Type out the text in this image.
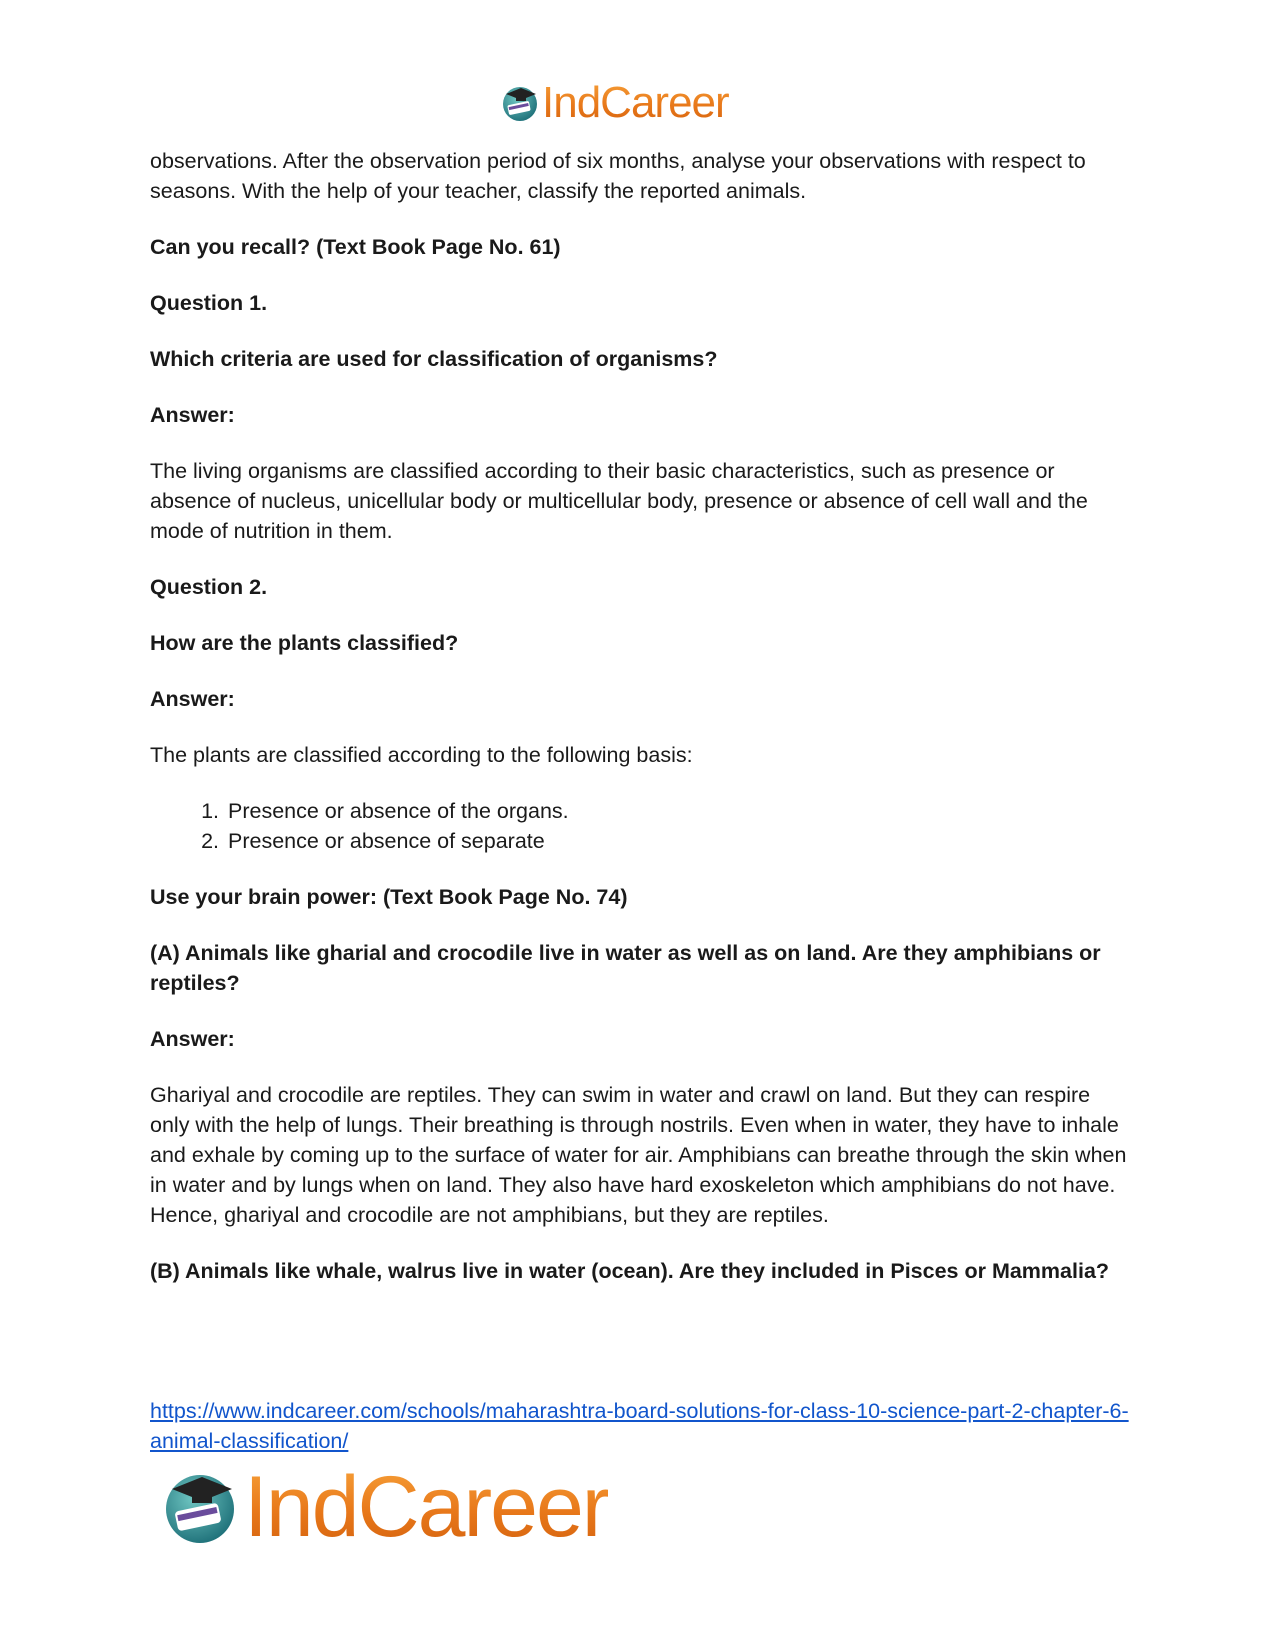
IndCareer

observations. After the observation period of six months, analyse your observations with respect to seasons. With the help of your teacher, classify the reported animals.

Can you recall? (Text Book Page No. 61)

Question 1.

Which criteria are used for classification of organisms?

Answer:

The living organisms are classified according to their basic characteristics, such as presence or absence of nucleus, unicellular body or multicellular body, presence or absence of cell wall and the mode of nutrition in them.

Question 2.

How are the plants classified?

Answer:

The plants are classified according to the following basis:

1. Presence or absence of the organs.
2. Presence or absence of separate

Use your brain power: (Text Book Page No. 74)

(A) Animals like gharial and crocodile live in water as well as on land. Are they amphibians or reptiles?

Answer:

Ghariyal and crocodile are reptiles. They can swim in water and crawl on land. But they can respire only with the help of lungs. Their breathing is through nostrils. Even when in water, they have to inhale and exhale by coming up to the surface of water for air. Amphibians can breathe through the skin when in water and by lungs when on land. They also have hard exoskeleton which amphibians do not have. Hence, ghariyal and crocodile are not amphibians, but they are reptiles.

(B) Animals like whale, walrus live in water (ocean). Are they included in Pisces or Mammalia?

https://www.indcareer.com/schools/maharashtra-board-solutions-for-class-10-science-part-2-chapter-6-animal-classification/
IndCareer
